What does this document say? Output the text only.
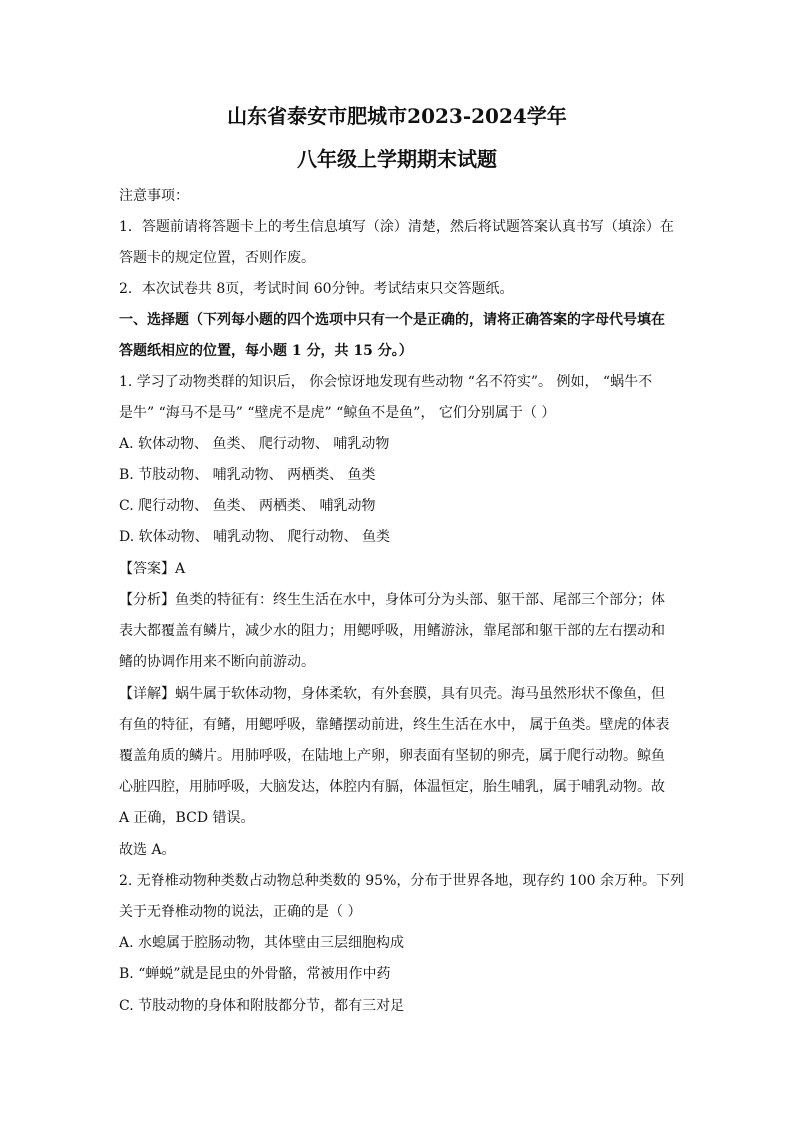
山东省泰安市肥城市2023-2024学年
八年级上学期期末试题
注意事项：
1．答题前请将答题卡上的考生信息填写（涂）清楚，然后将试题答案认真书写（填涂）在
答题卡的规定位置，否则作废。
2．本次试卷共 8页，考试时间 60分钟。考试结束只交答题纸。
一、选择题（下列每小题的四个选项中只有一个是正确的，请将正确答案的字母代号填在
答题纸相应的位置，每小题 1 分，共 15 分。）
1. 学习了动物类群的知识后， 你会惊讶地发现有些动物 “名不符实”。 例如， “蜗牛不
是牛” “海马不是马” “壁虎不是虎” “鲸鱼不是鱼”， 它们分别属于（ ）
A. 软体动物、 鱼类、 爬行动物、 哺乳动物
B. 节肢动物、 哺乳动物、 两栖类、 鱼类
C. 爬行动物、 鱼类、 两栖类、 哺乳动物
D. 软体动物、 哺乳动物、 爬行动物、 鱼类
【答案】A
【分析】鱼类的特征有：终生生活在水中，身体可分为头部、躯干部、尾部三个部分；体
表大都覆盖有鳞片，减少水的阻力；用鳃呼吸，用鳍游泳，靠尾部和躯干部的左右摆动和
鳍的协调作用来不断向前游动。
【详解】蜗牛属于软体动物，身体柔软，有外套膜，具有贝壳。海马虽然形状不像鱼，但
有鱼的特征，有鳍，用鳃呼吸，靠鳍摆动前进，终生生活在水中， 属于鱼类。壁虎的体表
覆盖角质的鳞片。用肺呼吸，在陆地上产卵，卵表面有坚韧的卵壳，属于爬行动物。鲸鱼
心脏四腔，用肺呼吸，大脑发达，体腔内有膈，体温恒定，胎生哺乳，属于哺乳动物。故
A 正确，BCD 错误。
故选 A。
2. 无脊椎动物种类数占动物总种类数的 95%，分布于世界各地，现存约 100 余万种。下列
关于无脊椎动物的说法，正确的是（ ）
A. 水螅属于腔肠动物，其体壁由三层细胞构成
B. “蝉蜕”就是昆虫的外骨骼，常被用作中药
C. 节肢动物的身体和附肢都分节，都有三对足
